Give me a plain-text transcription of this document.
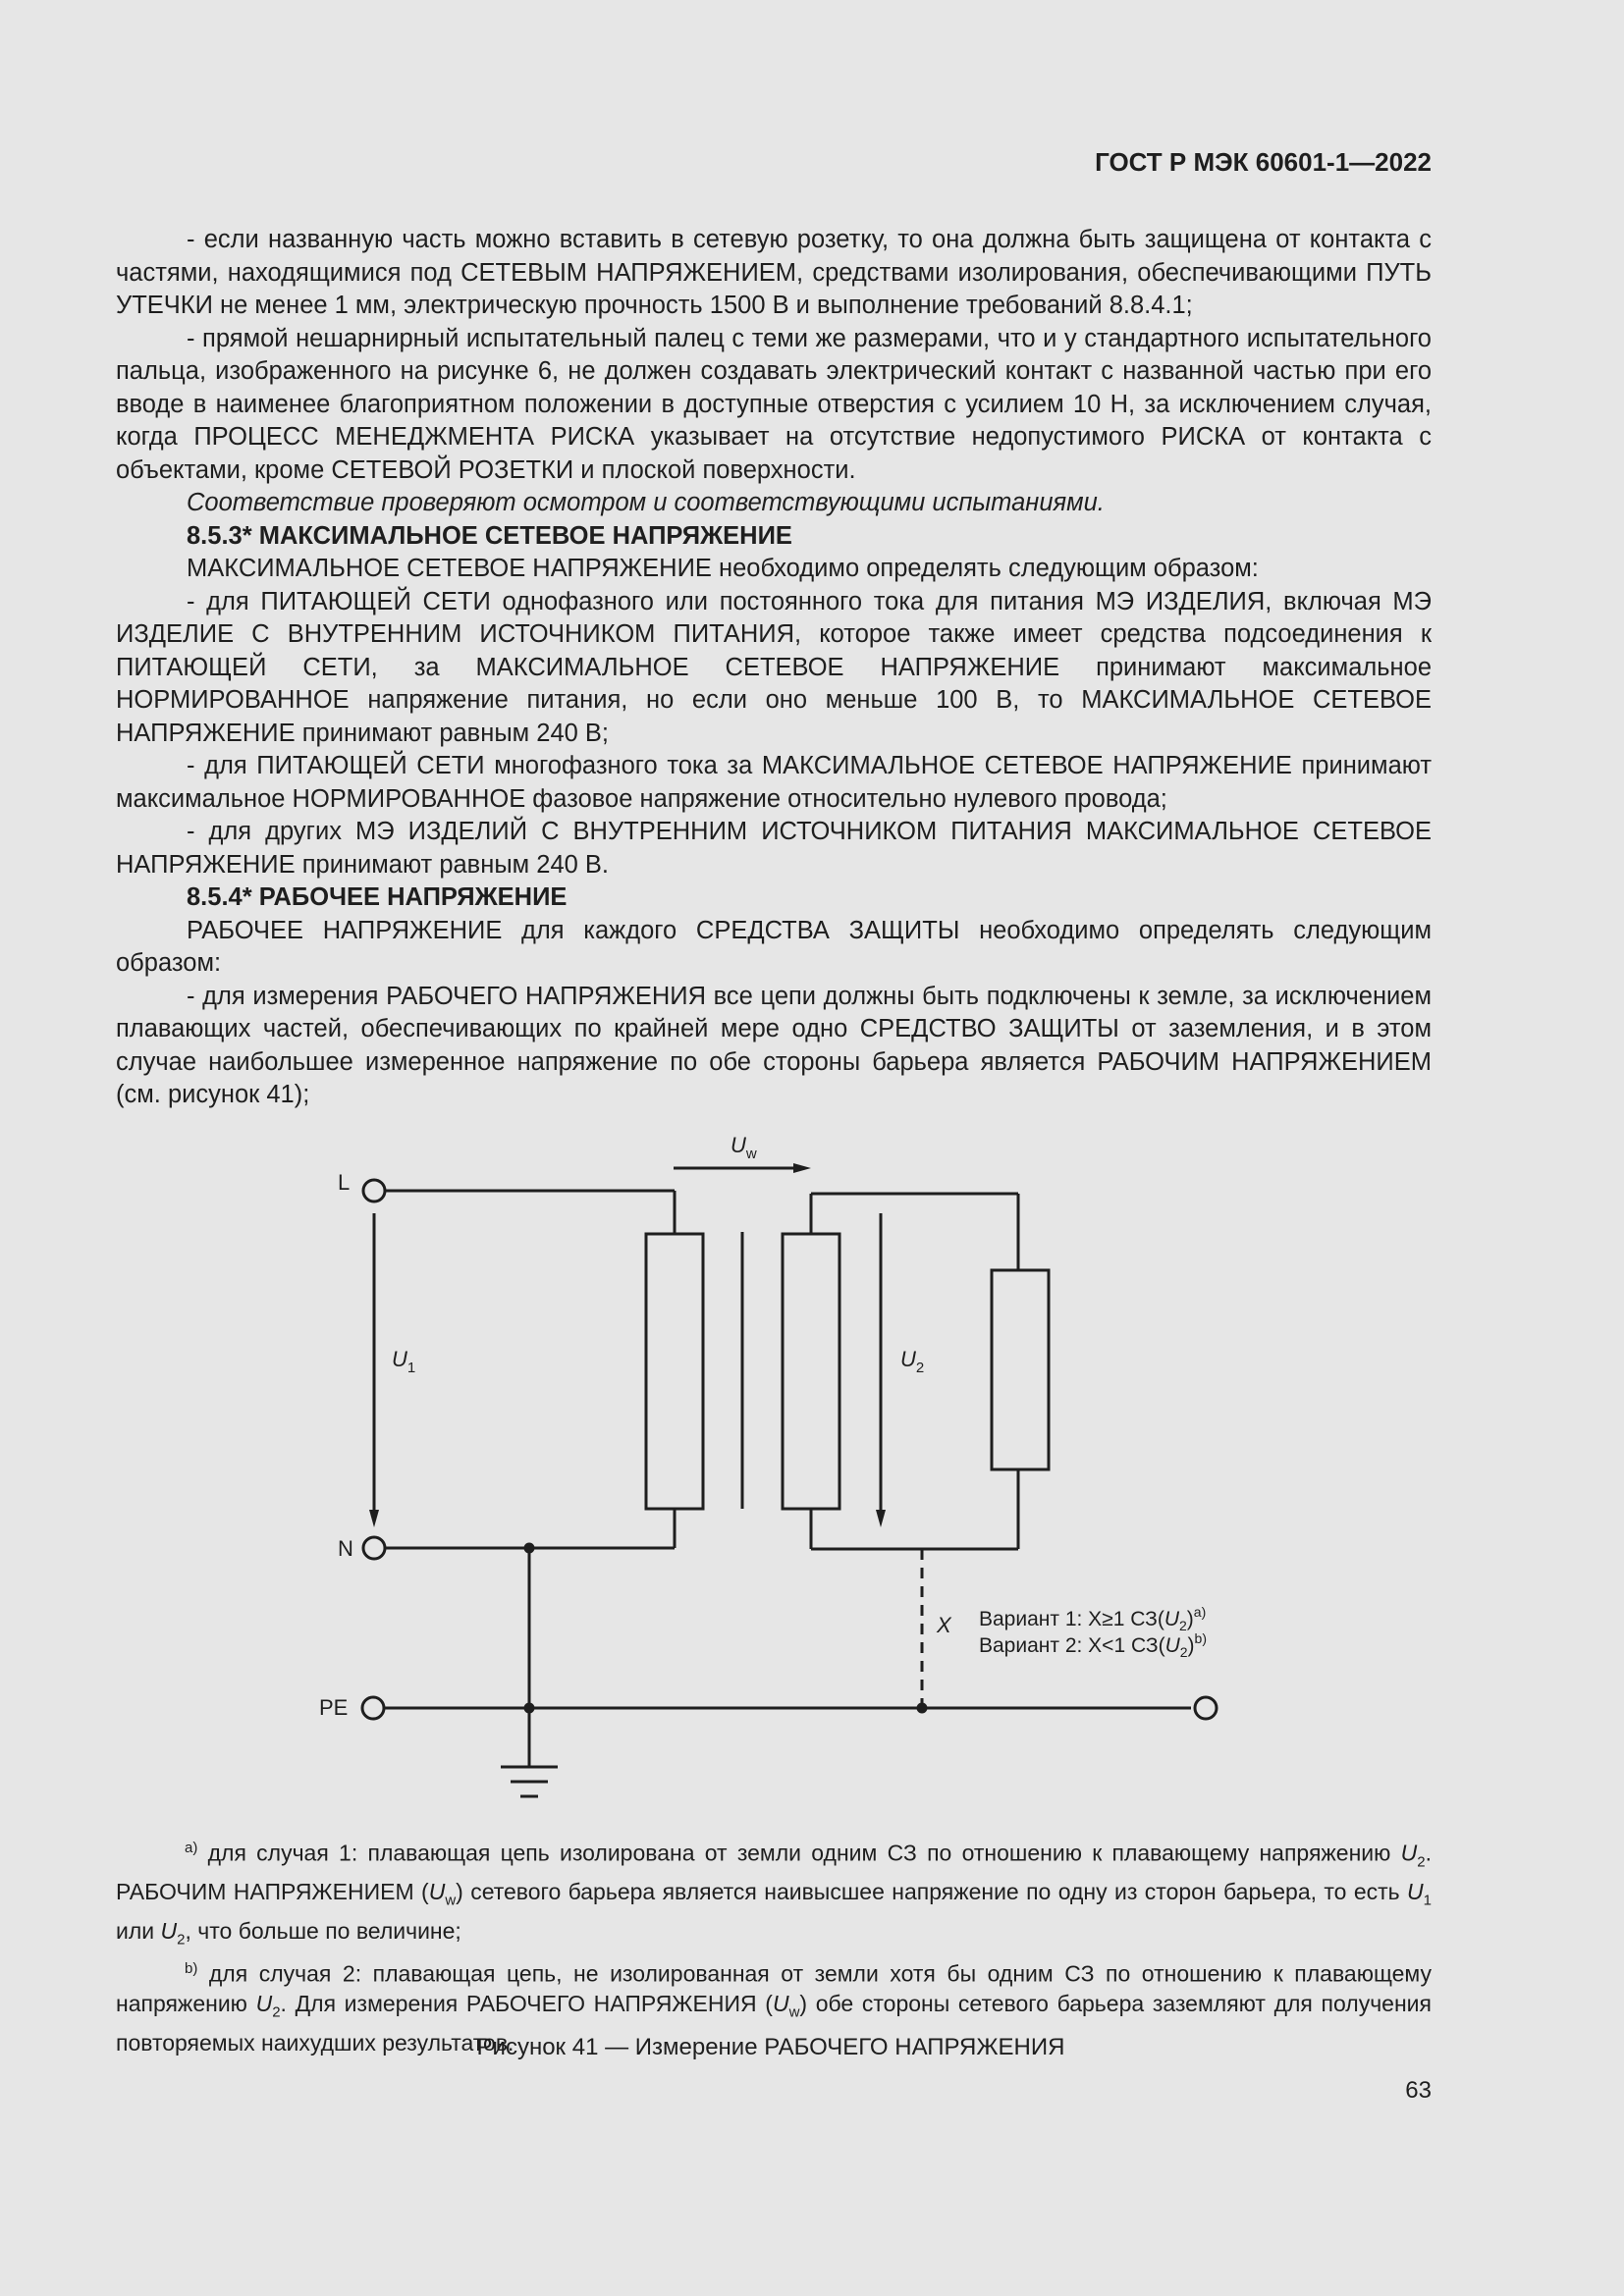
ГОСТ Р МЭК 60601-1—2022

- если названную часть можно вставить в сетевую розетку, то она должна быть защищена от контакта с частями, находящимися под СЕТЕВЫМ НАПРЯЖЕНИЕМ, средствами изолирования, обеспечивающими ПУТЬ УТЕЧКИ не менее 1 мм, электрическую прочность 1500 В и выполнение требований 8.8.4.1;

- прямой нешарнирный испытательный палец с теми же размерами, что и у стандартного испытательного пальца, изображенного на рисунке 6, не должен создавать электрический контакт с названной частью при его вводе в наименее благоприятном положении в доступные отверстия с усилием 10 Н, за исключением случая, когда ПРОЦЕСС МЕНЕДЖМЕНТА РИСКА указывает на отсутствие недопустимого РИСКА от контакта с объектами, кроме СЕТЕВОЙ РОЗЕТКИ и плоской поверхности.

Соответствие проверяют осмотром и соответствующими испытаниями.

8.5.3* МАКСИМАЛЬНОЕ СЕТЕВОЕ НАПРЯЖЕНИЕ

МАКСИМАЛЬНОЕ СЕТЕВОЕ НАПРЯЖЕНИЕ необходимо определять следующим образом:

- для ПИТАЮЩЕЙ СЕТИ однофазного или постоянного тока для питания МЭ ИЗДЕЛИЯ, включая МЭ ИЗДЕЛИЕ С ВНУТРЕННИМ ИСТОЧНИКОМ ПИТАНИЯ, которое также имеет средства подсоединения к ПИТАЮЩЕЙ СЕТИ, за МАКСИМАЛЬНОЕ СЕТЕВОЕ НАПРЯЖЕНИЕ принимают максимальное НОРМИРОВАННОЕ напряжение питания, но если оно меньше 100 В, то МАКСИМАЛЬНОЕ СЕТЕВОЕ НАПРЯЖЕНИЕ принимают равным 240 В;

- для ПИТАЮЩЕЙ СЕТИ многофазного тока за МАКСИМАЛЬНОЕ СЕТЕВОЕ НАПРЯЖЕНИЕ принимают максимальное НОРМИРОВАННОЕ фазовое напряжение относительно нулевого провода;

- для других МЭ ИЗДЕЛИЙ С ВНУТРЕННИМ ИСТОЧНИКОМ ПИТАНИЯ МАКСИМАЛЬНОЕ СЕТЕВОЕ НАПРЯЖЕНИЕ принимают равным 240 В.

8.5.4* РАБОЧЕЕ НАПРЯЖЕНИЕ

РАБОЧЕЕ НАПРЯЖЕНИЕ для каждого СРЕДСТВА ЗАЩИТЫ необходимо определять следующим образом:

- для измерения РАБОЧЕГО НАПРЯЖЕНИЯ все цепи должны быть подключены к земле, за исключением плавающих частей, обеспечивающих по крайней мере одно СРЕДСТВО ЗАЩИТЫ от заземления, и в этом случае наибольшее измеренное напряжение по обе стороны барьера является РАБОЧИМ НАПРЯЖЕНИЕМ (см. рисунок 41);

L
N
PE
$U_1$	$U_2$
$U_w$
X Вариант 1: X≥1 $СЗ(U_2)^{a)}$
Вариант 2: X<1 $СЗ(U_2)^{b)}$

$^{a)}$ для случая 1: плавающая цепь изолирована от земли одним СЗ по отношению к плавающему напряжению $U_2$. РАБОЧИМ НАПРЯЖЕНИЕМ $(U_w)$ сетевого барьера является наивысшее напряжение по одну из сторон барьера, то есть $U_1$ или $U_2$, что больше по величине;

$^{b)}$ для случая 2: плавающая цепь, не изолированная от земли хотя бы одним СЗ по отношению к плавающему напряжению $U_2$. Для измерения РАБОЧЕГО НАПРЯЖЕНИЯ $(U_w)$ обе стороны сетевого барьера заземляют для получения повторяемых наихудших результатов.

Рисунок 41 — Измерение РАБОЧЕГО НАПРЯЖЕНИЯ
63
